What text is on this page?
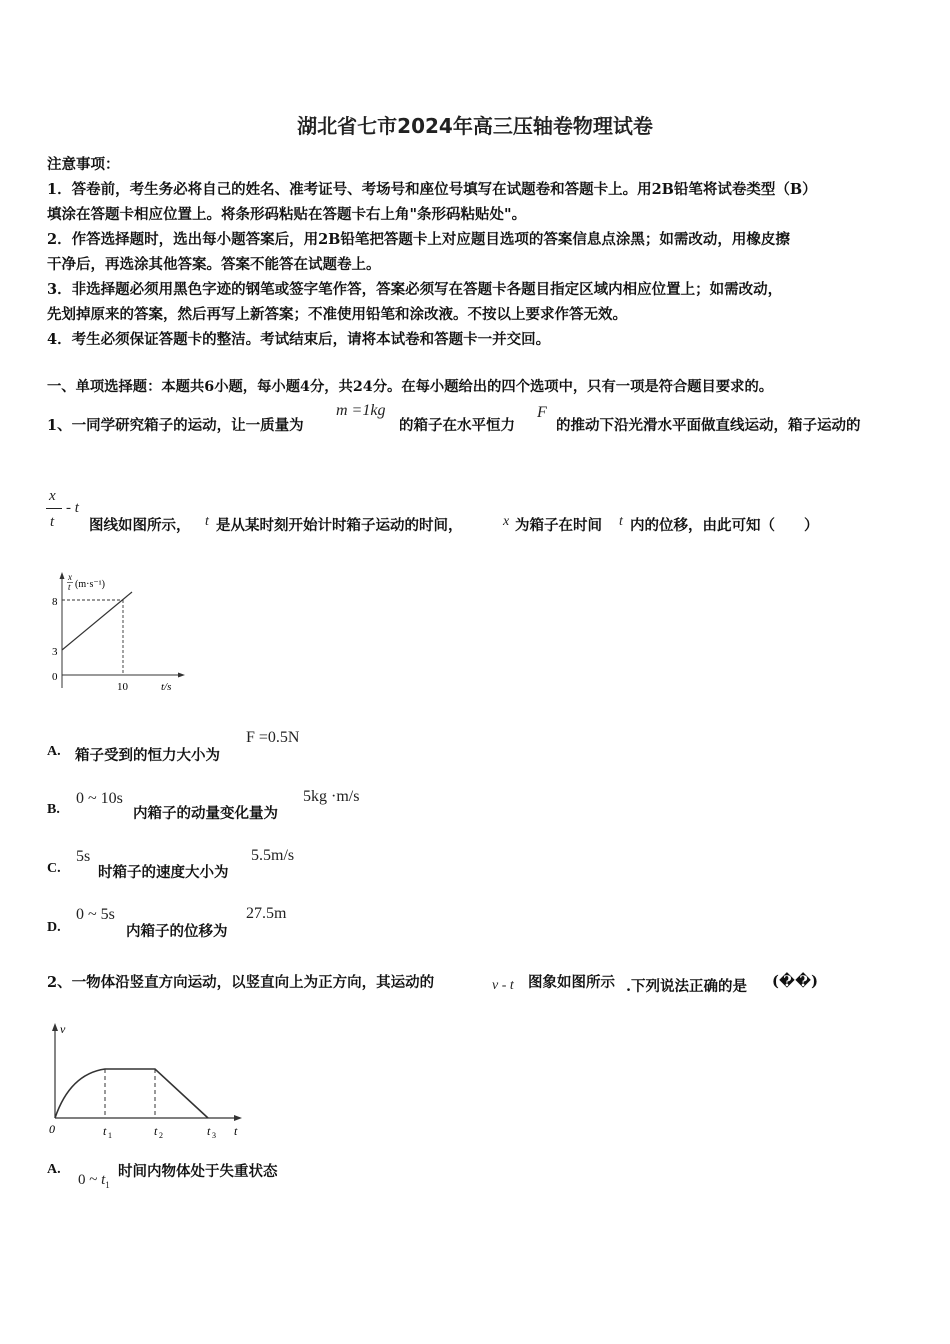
湖北省七市2024年高三压轴卷物理试卷
注意事项：
1．答卷前，考生务必将自己的姓名、准考证号、考场号和座位号填写在试题卷和答题卡上。用2B铅笔将试卷类型（B）
填涂在答题卡相应位置上。将条形码粘贴在答题卡右上角"条形码粘贴处"。
2．作答选择题时，选出每小题答案后，用2B铅笔把答题卡上对应题目选项的答案信息点涂黑；如需改动，用橡皮擦
干净后，再选涂其他答案。答案不能答在试题卷上。
3．非选择题必须用黑色字迹的钢笔或签字笔作答，答案必须写在答题卡各题目指定区域内相应位置上；如需改动，
先划掉原来的答案，然后再写上新答案；不准使用铅笔和涂改液。不按以上要求作答无效。
4．考生必须保证答题卡的整洁。考试结束后，请将本试卷和答题卡一并交回。
一、单项选择题：本题共6小题，每小题4分，共24分。在每小题给出的四个选项中，只有一项是符合题目要求的。
1、一同学研究箱子的运动，让一质量为
m =1kg
的箱子在水平恒力
F
的推动下沿光滑水平面做直线运动，箱子运动的
x
t
- t
图线如图所示， t 是从某时刻开始计时箱子运动的时间，	x 为箱子在时间 t 内的位移，由此可知（　　）
x
t (m·s⁻¹)
8
3
0
10	t/s
A. 箱子受到的恒力大小为
F =0.5N
B.
0 ~ 10s
内箱子的动量变化量为
5kg ·m/s
C.
5s
时箱子的速度大小为
5.5m/s
D.
0 ~ 5s
内箱子的位移为
27.5m
2、一物体沿竖直方向运动，以竖直向上为正方向，其运动的	v - t 图象如图所示 .下列说法正确的是 (��)
v
0	t 1	t 2	t 3 t
A.
0 ~ $t_1$
时间内物体处于失重状态
